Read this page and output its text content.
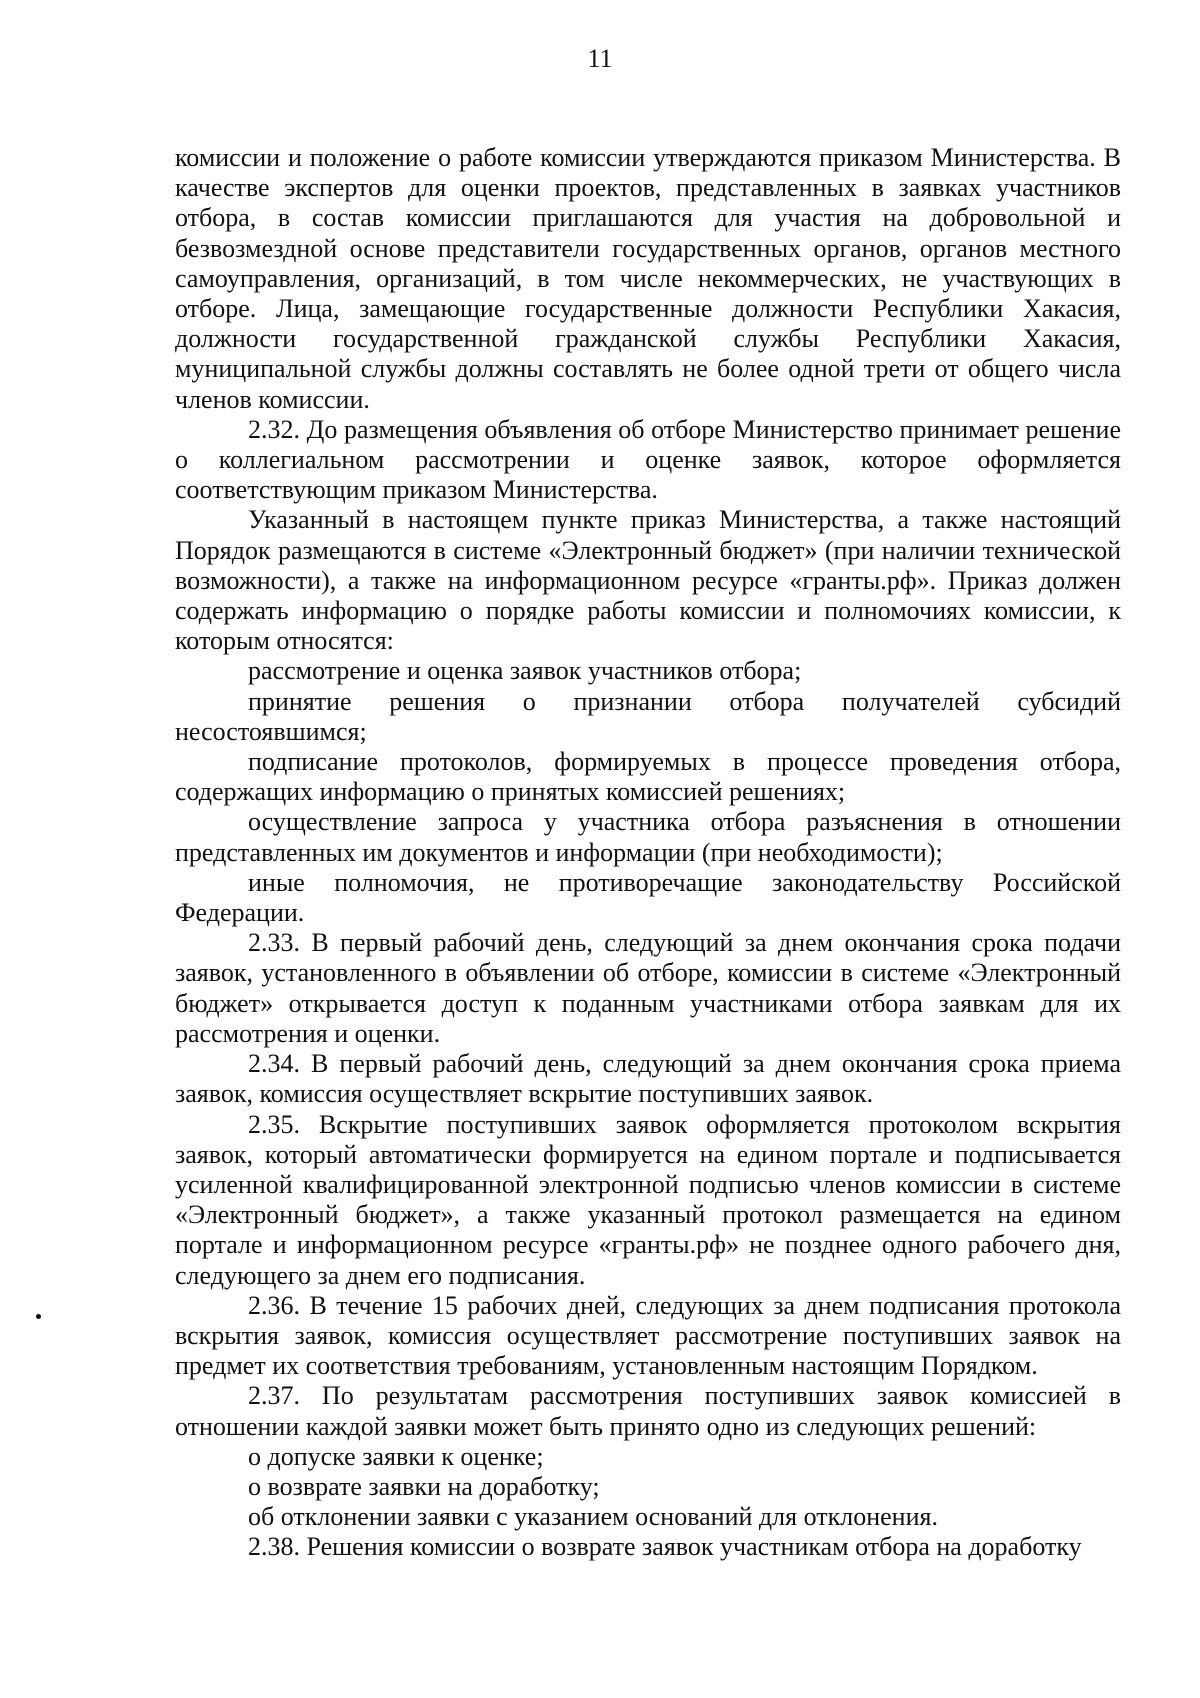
11

комиссии и положение о работе комиссии утверждаются приказом Министерства. В качестве экспертов для оценки проектов, представленных в заявках участников отбора, в состав комиссии приглашаются для участия на добровольной и безвозмездной основе представители государственных органов, органов местного самоуправления, организаций, в том числе некоммерческих, не участвующих в отборе. Лица, замещающие государственные должности Республики Хакасия, должности государственной гражданской службы Республики Хакасия, муниципальной службы должны составлять не более одной трети от общего числа членов комиссии.

2.32. До размещения объявления об отборе Министерство принимает решение о коллегиальном рассмотрении и оценке заявок, которое оформляется соответствующим приказом Министерства.

Указанный в настоящем пункте приказ Министерства, а также настоящий Порядок размещаются в системе «Электронный бюджет» (при наличии технической возможности), а также на информационном ресурсе «гранты.рф». Приказ должен содержать информацию о порядке работы комиссии и полномочиях комиссии, к которым относятся:

рассмотрение и оценка заявок участников отбора;

принятие решения о признании отбора получателей субсидий несостоявшимся;

подписание протоколов, формируемых в процессе проведения отбора, содержащих информацию о принятых комиссией решениях;

осуществление запроса у участника отбора разъяснения в отношении представленных им документов и информации (при необходимости);

иные полномочия, не противоречащие законодательству Российской Федерации.

2.33. В первый рабочий день, следующий за днем окончания срока подачи заявок, установленного в объявлении об отборе, комиссии в системе «Электронный бюджет» открывается доступ к поданным участниками отбора заявкам для их рассмотрения и оценки.

2.34. В первый рабочий день, следующий за днем окончания срока приема заявок, комиссия осуществляет вскрытие поступивших заявок.

2.35. Вскрытие поступивших заявок оформляется протоколом вскрытия заявок, который автоматически формируется на едином портале и подписывается усиленной квалифицированной электронной подписью членов комиссии в системе «Электронный бюджет», а также указанный протокол размещается на едином портале и информационном ресурсе «гранты.рф» не позднее одного рабочего дня, следующего за днем его подписания.

2.36. В течение 15 рабочих дней, следующих за днем подписания протокола вскрытия заявок, комиссия осуществляет рассмотрение поступивших заявок на предмет их соответствия требованиям, установленным настоящим Порядком.

2.37. По результатам рассмотрения поступивших заявок комиссией в отношении каждой заявки может быть принято одно из следующих решений:

о допуске заявки к оценке;

о возврате заявки на доработку;

об отклонении заявки с указанием оснований для отклонения.

2.38. Решения комиссии о возврате заявок участникам отбора на доработку
